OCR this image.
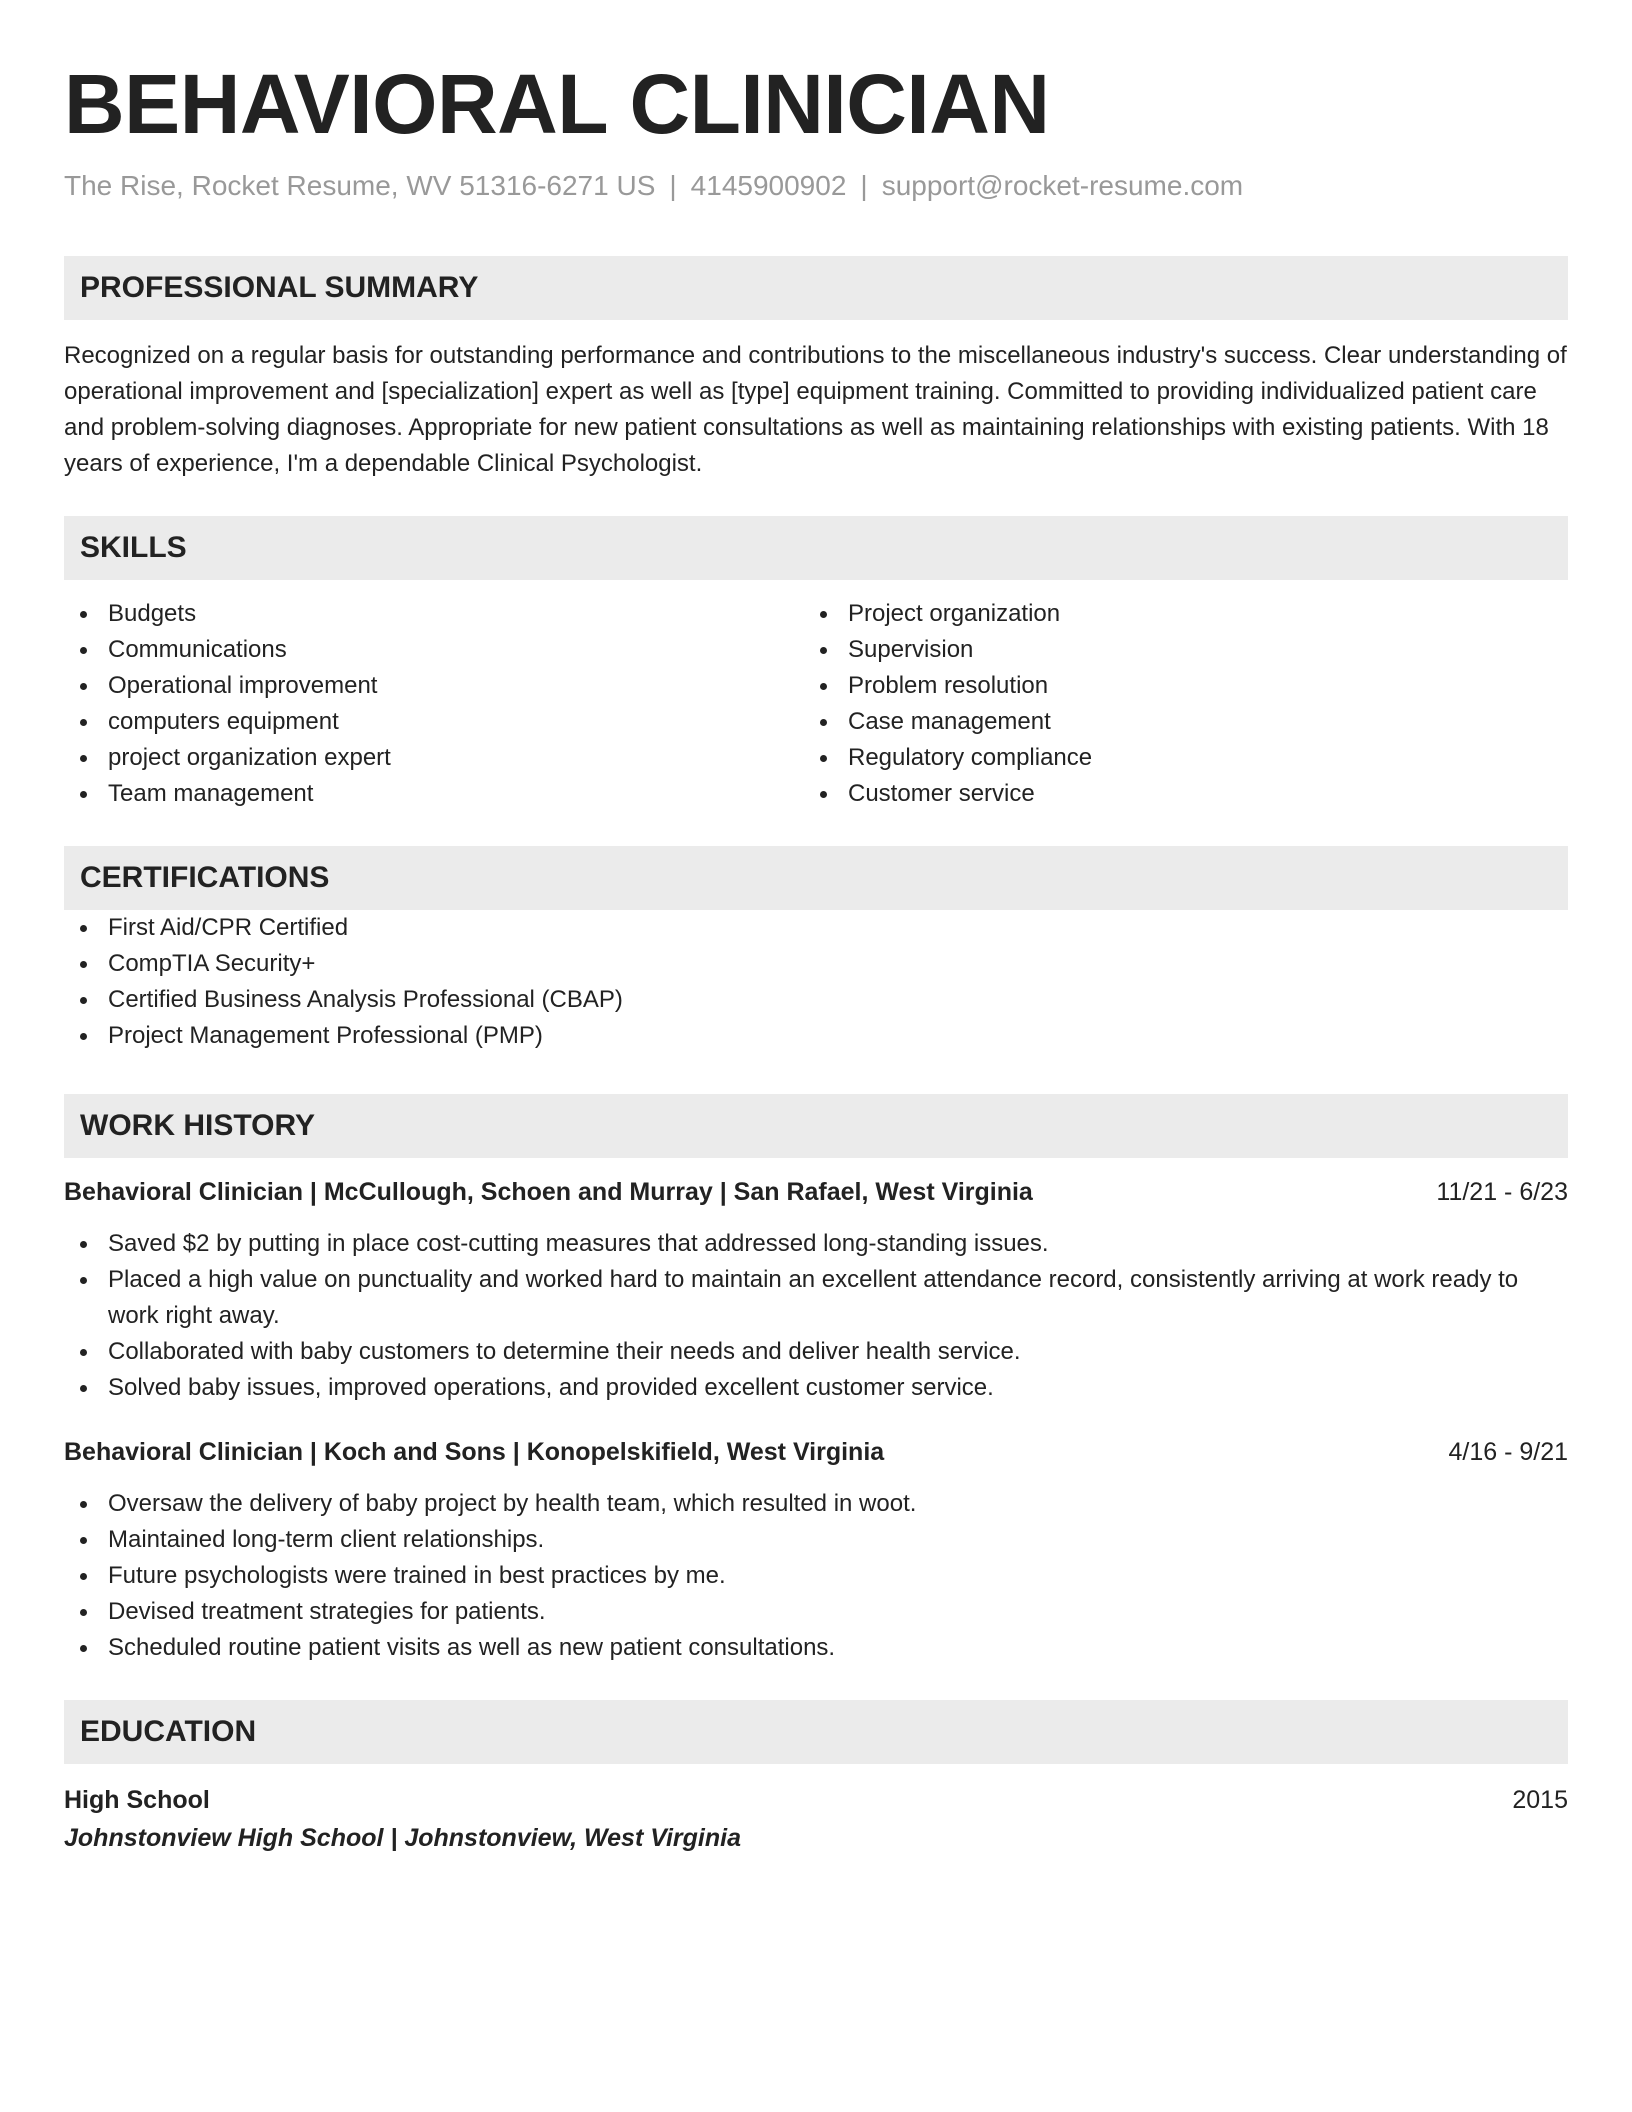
BEHAVIORAL CLINICIAN
The Rise, Rocket Resume, WV 51316-6271 US | 4145900902 | support@rocket-resume.com
PROFESSIONAL SUMMARY

Recognized on a regular basis for outstanding performance and contributions to the miscellaneous industry's success. Clear understanding of operational improvement and [specialization] expert as well as [type] equipment training. Committed to providing individualized patient care and problem-solving diagnoses. Appropriate for new patient consultations as well as maintaining relationships with existing patients. With 18 years of experience, I'm a dependable Clinical Psychologist.

SKILLS
Budgets
Communications
Operational improvement
computers equipment
project organization expert
Team management
Project organization
Supervision
Problem resolution
Case management
Regulatory compliance
Customer service
CERTIFICATIONS
First Aid/CPR Certified
CompTIA Security+
Certified Business Analysis Professional (CBAP)
Project Management Professional (PMP)
WORK HISTORY
Behavioral Clinician | McCullough, Schoen and Murray | San Rafael, West Virginia	11/21 - 6/23
Saved $2 by putting in place cost-cutting measures that addressed long-standing issues.
Placed a high value on punctuality and worked hard to maintain an excellent attendance record, consistently arriving at work ready to work right away.
Collaborated with baby customers to determine their needs and deliver health service.
Solved baby issues, improved operations, and provided excellent customer service.
Behavioral Clinician | Koch and Sons | Konopelskifield, West Virginia	4/16 - 9/21
Oversaw the delivery of baby project by health team, which resulted in woot.
Maintained long-term client relationships.
Future psychologists were trained in best practices by me.
Devised treatment strategies for patients.
Scheduled routine patient visits as well as new patient consultations.
EDUCATION
High School	2015
Johnstonview High School | Johnstonview, West Virginia
